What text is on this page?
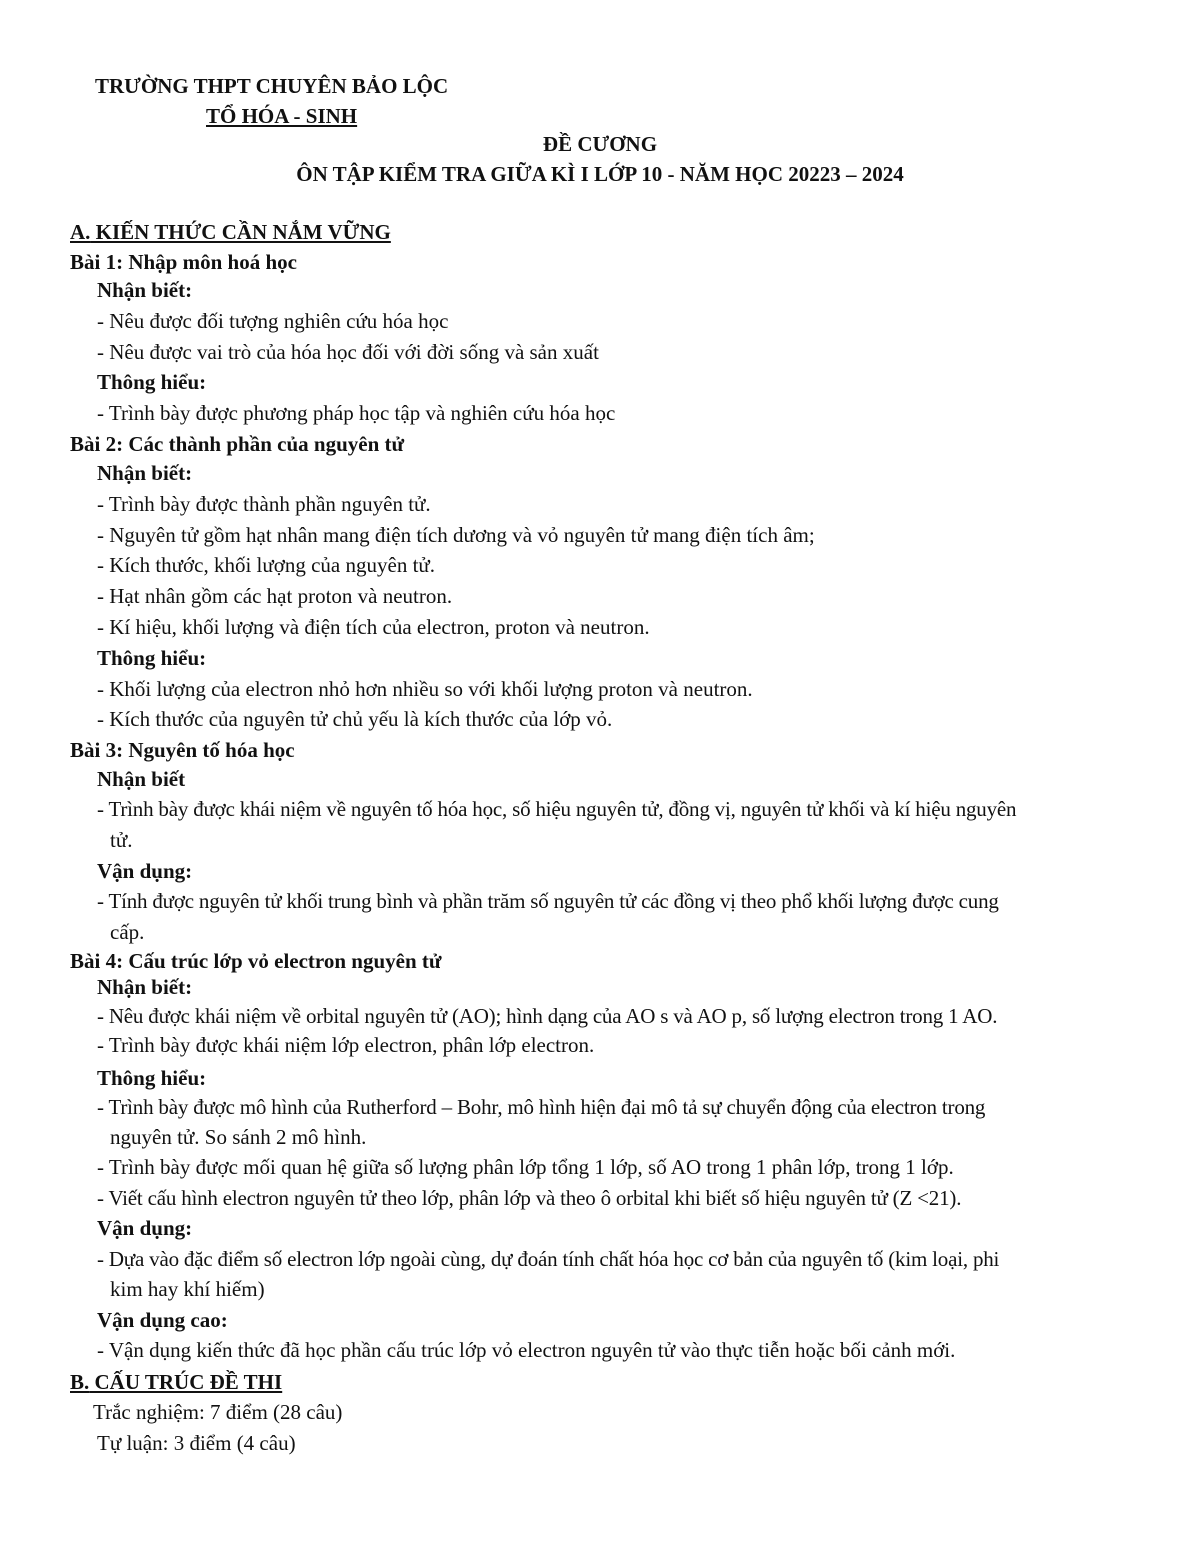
TRƯỜNG THPT CHUYÊN BẢO LỘC
TỔ HÓA - SINH
ĐỀ CƯƠNG
ÔN TẬP KIỂM TRA GIỮA KÌ I LỚP 10 - NĂM HỌC 20223 – 2024
A. KIẾN THỨC CẦN NẮM VỮNG
Bài 1: Nhập môn hoá học
Nhận biết:
- Nêu được đối tượng nghiên cứu hóa học
- Nêu được vai trò của hóa học đối với đời sống và sản xuất
Thông hiểu:
- Trình bày được phương pháp học tập và nghiên cứu hóa học
Bài 2: Các thành phần của nguyên tử
Nhận biết:
- Trình bày được thành phần nguyên tử.
- Nguyên tử gồm hạt nhân mang điện tích dương và vỏ nguyên tử mang điện tích âm;
- Kích thước, khối lượng của nguyên tử.
- Hạt nhân gồm các hạt proton và neutron.
- Kí hiệu, khối lượng và điện tích của electron, proton và neutron.
Thông hiểu:
- Khối lượng của electron nhỏ hơn nhiều so với khối lượng proton và neutron.
- Kích thước của nguyên tử chủ yếu là kích thước của lớp vỏ.
Bài 3: Nguyên tố hóa học
Nhận biết
- Trình bày được khái niệm về nguyên tố hóa học, số hiệu nguyên tử, đồng vị, nguyên tử khối và kí hiệu nguyên
tử.
Vận dụng:
- Tính được nguyên tử khối trung bình và phần trăm số nguyên tử các đồng vị theo phổ khối lượng được cung
cấp.
Bài 4: Cấu trúc lớp vỏ electron nguyên tử
Nhận biết:
- Nêu được khái niệm về orbital nguyên tử (AO); hình dạng của AO s và AO p, số lượng electron trong 1 AO.
- Trình bày được khái niệm lớp electron, phân lớp electron.
Thông hiểu:
- Trình bày được mô hình của Rutherford – Bohr, mô hình hiện đại mô tả sự chuyển động của electron trong
nguyên tử. So sánh 2 mô hình.
- Trình bày được mối quan hệ giữa số lượng phân lớp tổng 1 lớp, số AO trong 1 phân lớp, trong 1 lớp.
- Viết cấu hình electron nguyên tử theo lớp, phân lớp và theo ô orbital khi biết số hiệu nguyên tử (Z <21).
Vận dụng:
- Dựa vào đặc điểm số electron lớp ngoài cùng, dự đoán tính chất hóa học cơ bản của nguyên tố (kim loại, phi
kim hay khí hiếm)
Vận dụng cao:
- Vận dụng kiến thức đã học phần cấu trúc lớp vỏ electron nguyên tử vào thực tiễn hoặc bối cảnh mới.
B. CẤU TRÚC ĐỀ THI
Trắc nghiệm: 7 điểm (28 câu)
Tự luận: 3 điểm (4 câu)
